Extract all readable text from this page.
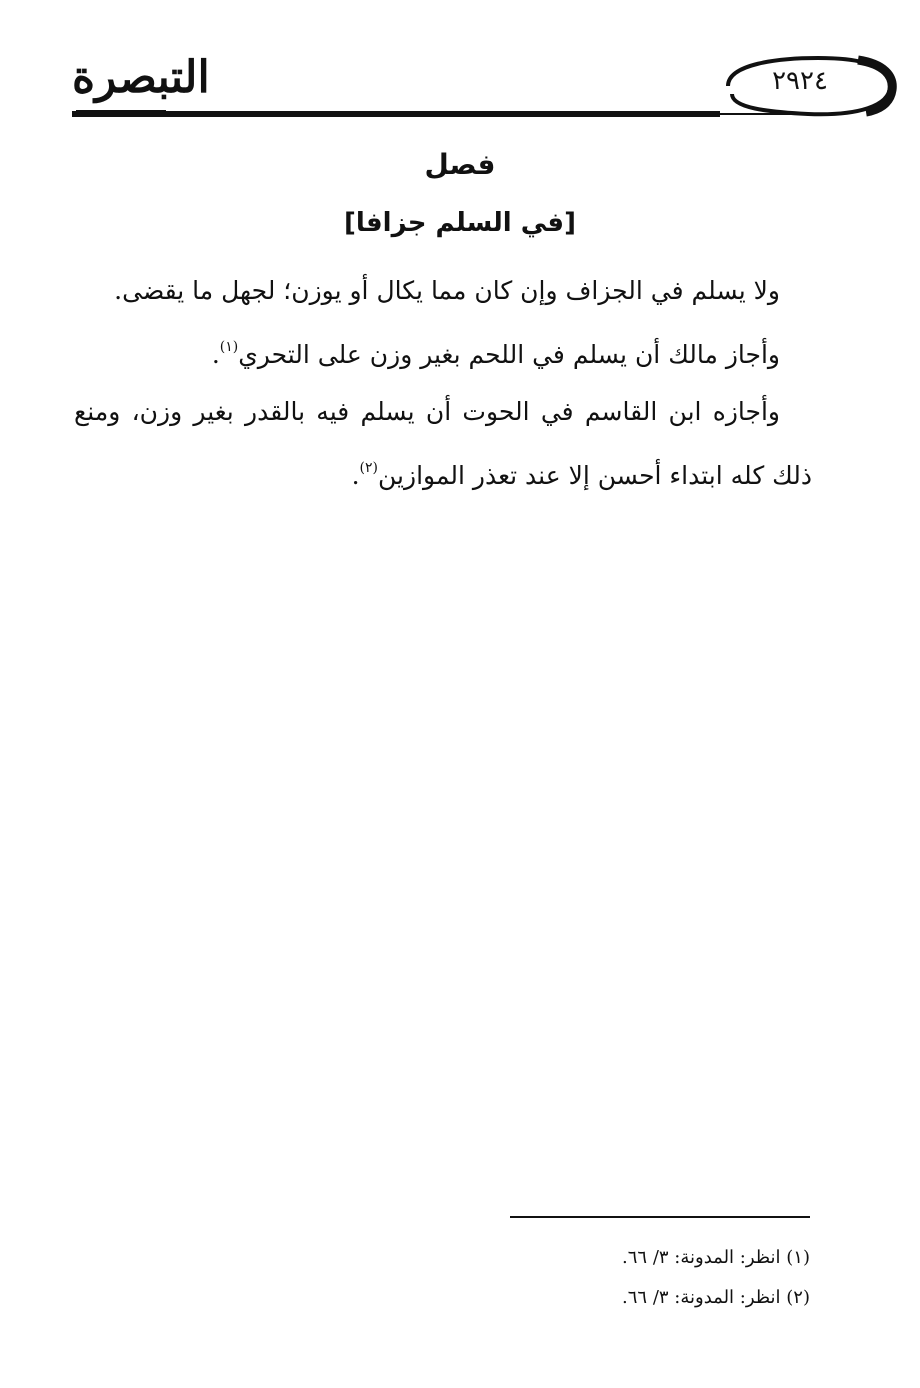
٢٩٢٤
التبصرة
فصل
[في السلم جزافا]

ولا يسلم في الجزاف وإن كان مما يكال أو يوزن؛ لجهل ما يقضى.

وأجاز مالك أن يسلم في اللحم بغير وزن على التحري$^{(١)}$.

وأجازه ابن القاسم في الحوت أن يسلم فيه بالقدر بغير وزن، ومنع ذلك كله ابتداء أحسن إلا عند تعذر الموازين$^{(٢)}$.

(١) انظر: المدونة: ٣/ ٦٦.
(٢) انظر: المدونة: ٣/ ٦٦.
